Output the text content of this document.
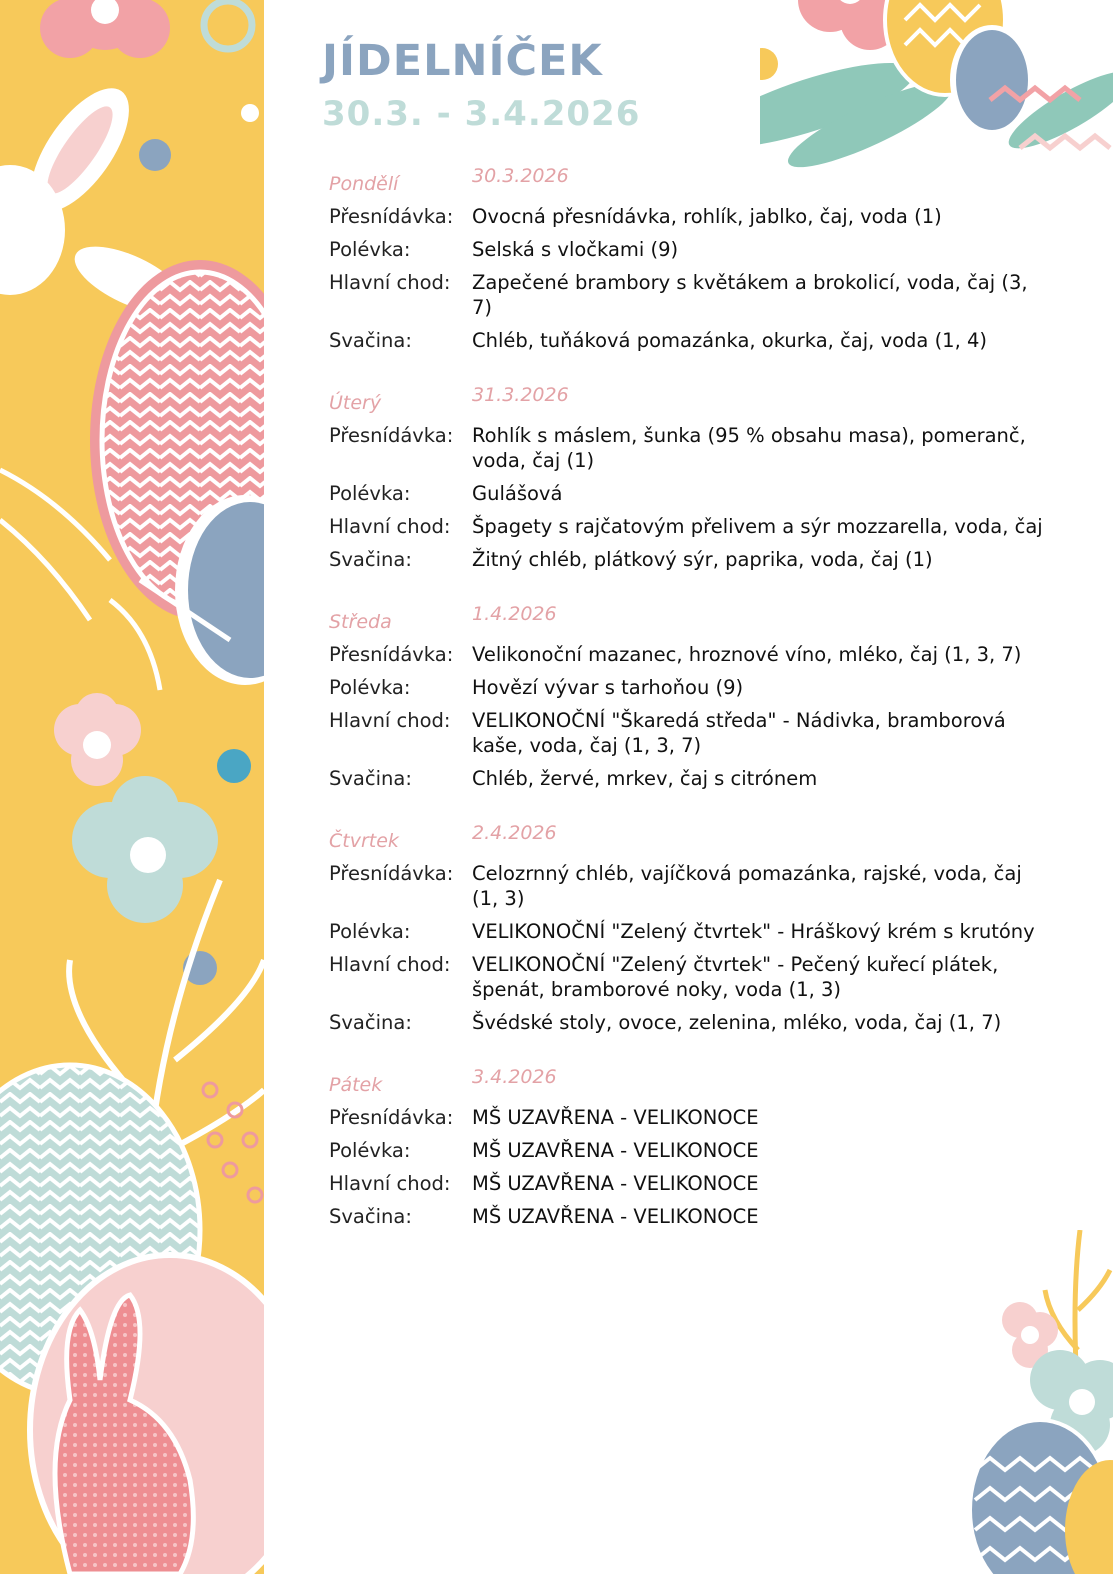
JÍDELNÍČEK
30.3. - 3.4.2026
Pondělí	30.3.2026
Přesnídávka: Ovocná přesnídávka, rohlík, jablko, čaj, voda (1)
Polévka:	Selská s vločkami (9)
Hlavní chod:	Zapečené brambory s květákem a brokolicí, voda, čaj (3, 7)
Svačina:	Chléb, tuňáková pomazánka, okurka, čaj, voda (1, 4)
Úterý	31.3.2026
Přesnídávka: Rohlík s máslem, šunka (95 % obsahu masa), pomeranč, voda, čaj (1)
Polévka:	Gulášová
Hlavní chod:	Špagety s rajčatovým přelivem a sýr mozzarella, voda, čaj
Svačina:	Žitný chléb, plátkový sýr, paprika, voda, čaj (1)
Středa	1.4.2026
Přesnídávka: Velikonoční mazanec, hroznové víno, mléko, čaj (1, 3, 7)
Polévka:	Hovězí vývar s tarhoňou (9)
Hlavní chod:	VELIKONOČNÍ "Škaredá středa" - Nádivka, bramborová kaše, voda, čaj (1, 3, 7)
Svačina:	Chléb, žervé, mrkev, čaj s citrónem
Čtvrtek	2.4.2026
Přesnídávka: Celozrnný chléb, vajíčková pomazánka, rajské, voda, čaj (1, 3)
Polévka:	VELIKONOČNÍ "Zelený čtvrtek" - Hráškový krém s krutóny
Hlavní chod:	VELIKONOČNÍ "Zelený čtvrtek" - Pečený kuřecí plátek, špenát, bramborové noky, voda (1, 3)
Svačina:	Švédské stoly, ovoce, zelenina, mléko, voda, čaj (1, 7)
Pátek	3.4.2026
Přesnídávka: MŠ UZAVŘENA - VELIKONOCE
Polévka:	MŠ UZAVŘENA - VELIKONOCE
Hlavní chod:	MŠ UZAVŘENA - VELIKONOCE
Svačina:	MŠ UZAVŘENA - VELIKONOCE
